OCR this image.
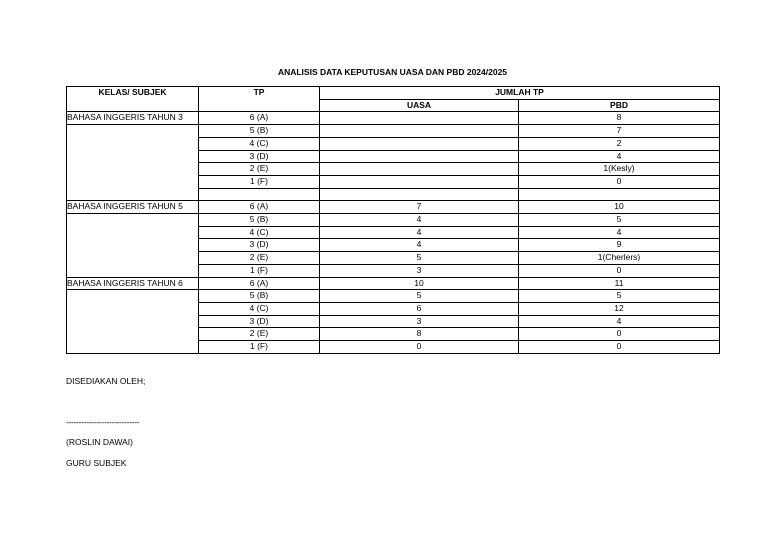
ANALISIS DATA KEPUTUSAN UASA DAN PBD 2024/2025
KELAS/ SUBJEK	TP	JUMLAH TP	
		UASA	PBD
BAHASA INGGERIS TAHUN 3	6 (A)		8
	5 (B)		7
	4 (C)		2
	3 (D)		4
	2 (E)		1(Kesly)
	1 (F)		0

BAHASA INGGERIS TAHUN 5	6 (A)	7	10
	5 (B)	4	5
	4 (C)	4	4
	3 (D)	4	9
	2 (E)	5	1(Cherlers)
	1 (F)	3	0
BAHASA INGGERIS TAHUN 6	6 (A)	10	11
	5 (B)	5	5
	4 (C)	6	12
	3 (D)	3	4
	2 (E)	8	0
	1 (F)	0	0
DISEDIAKAN OLEH;
-----------------------------
(ROSLIN DAWAI)
GURU SUBJEK
